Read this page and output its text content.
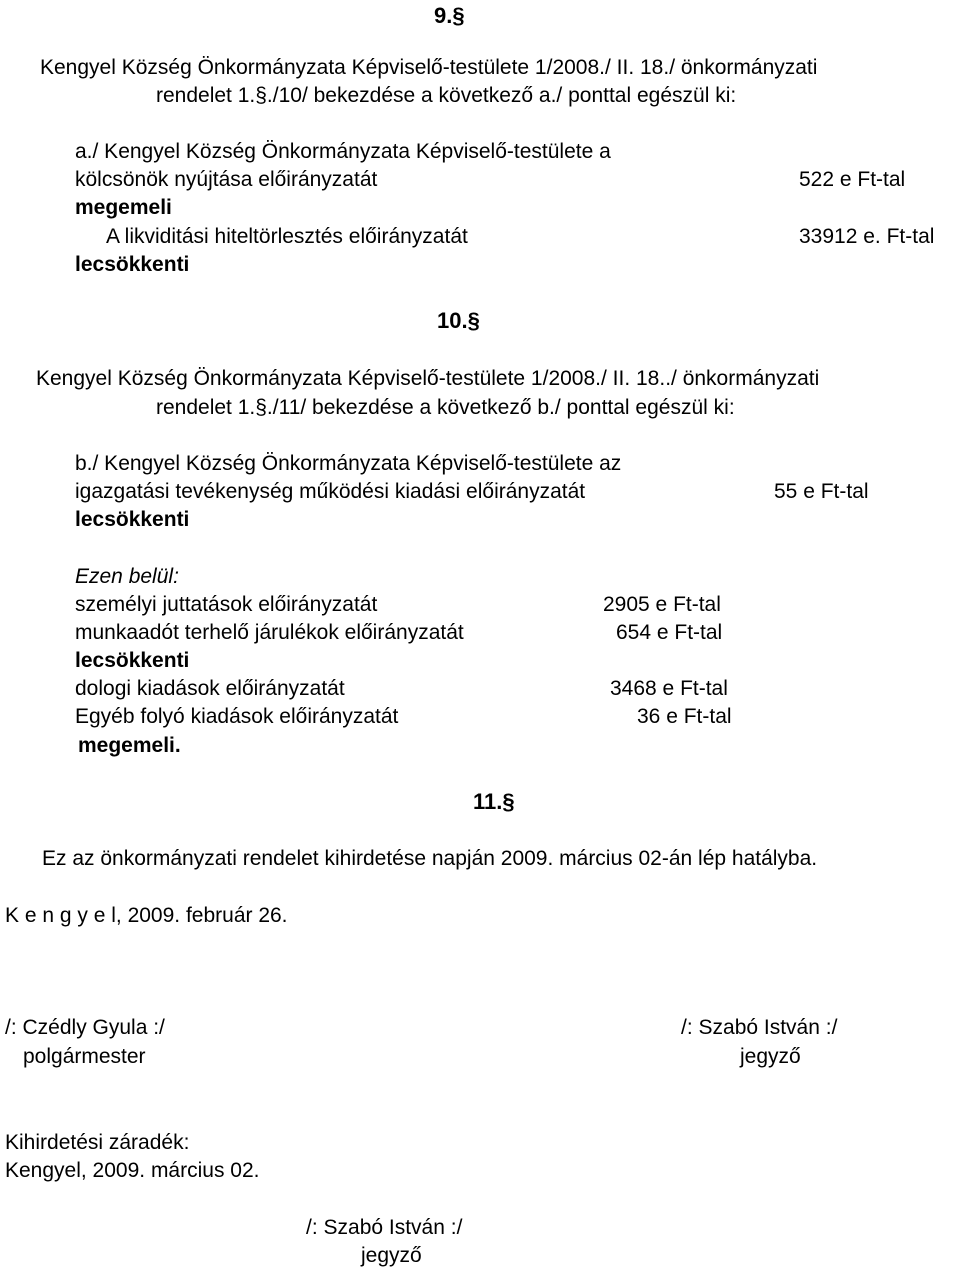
9.§
Kengyel Község Önkormányzata Képviselő-testülete 1/2008./ II. 18./ önkormányzati
rendelet 1.§./10/ bekezdése a következő a./ ponttal egészül ki:
a./ Kengyel Község Önkormányzata Képviselő-testülete a
kölcsönök nyújtása előirányzatát	522 e Ft-tal
megemeli
A likviditási hiteltörlesztés előirányzatát	33912 e. Ft-tal
lecsökkenti
10.§
Kengyel Község Önkormányzata Képviselő-testülete 1/2008./ II. 18../ önkormányzati
rendelet 1.§./11/ bekezdése a következő b./ ponttal egészül ki:
b./ Kengyel Község Önkormányzata Képviselő-testülete az
igazgatási tevékenység működési kiadási előirányzatát	55 e Ft-tal
lecsökkenti
Ezen belül:
személyi juttatások előirányzatát	2905 e Ft-tal
munkaadót terhelő járulékok előirányzatát	654 e Ft-tal
lecsökkenti
dologi kiadások előirányzatát	3468 e Ft-tal
Egyéb folyó kiadások előirányzatát	36 e Ft-tal
megemeli.
11.§
Ez az önkormányzati rendelet kihirdetése napján 2009. március 02-án lép hatályba.
K e n g y e l, 2009. február 26.
/: Czédly Gyula :/
polgármester
/: Szabó István :/
jegyző
Kihirdetési záradék:
Kengyel, 2009. március 02.
/: Szabó István :/
jegyző
